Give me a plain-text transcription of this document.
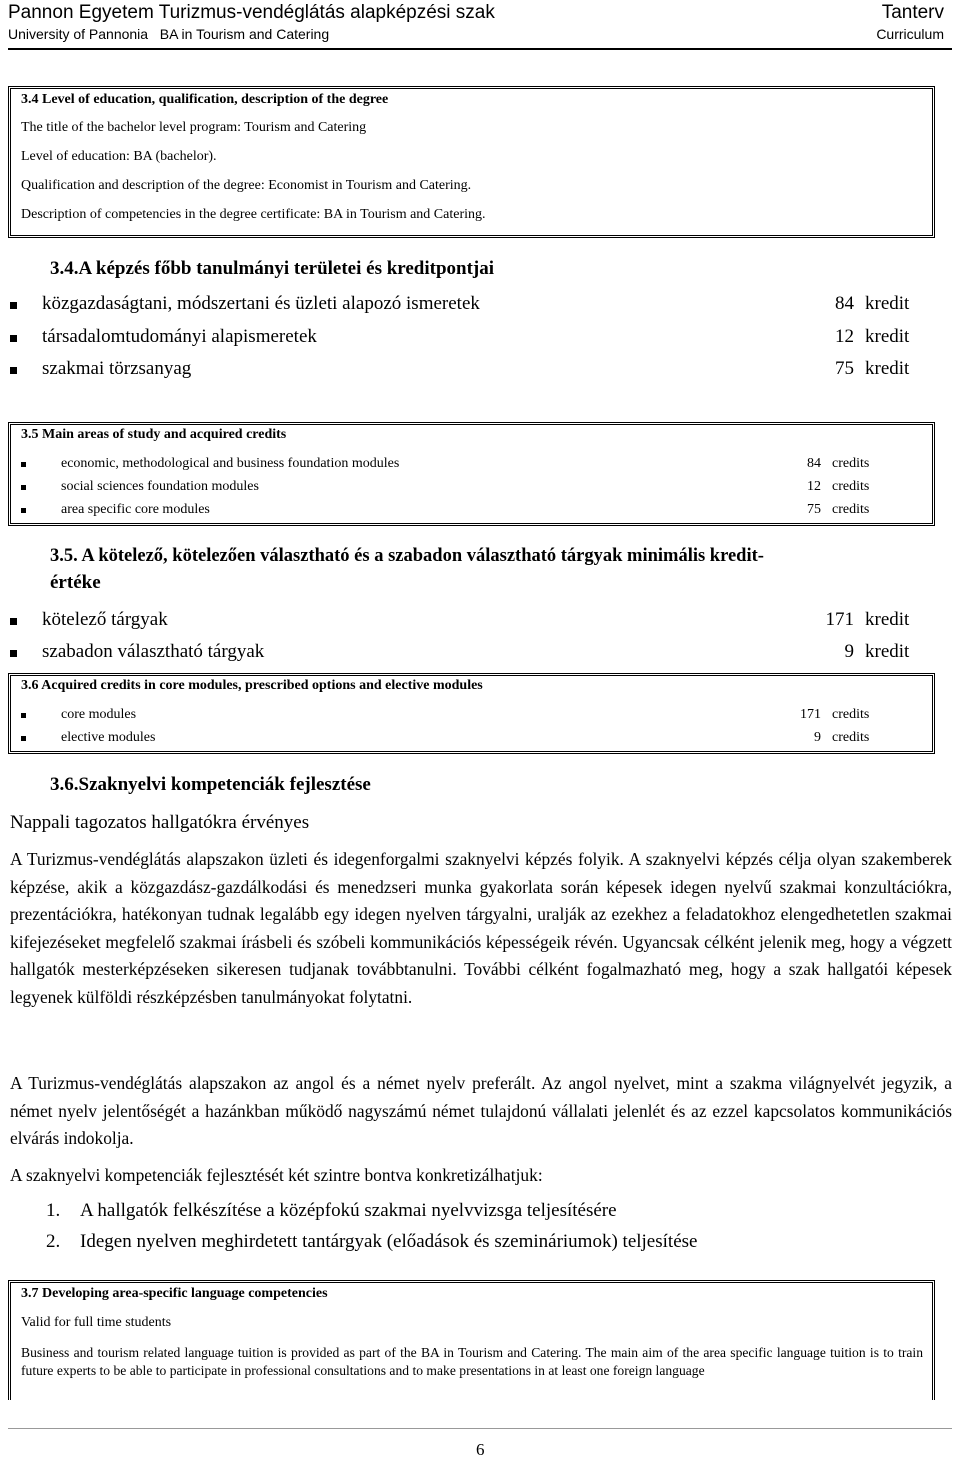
Pannon Egyetem Turizmus-vendéglátás alapképzési szak
University of Pannonia   BA in Tourism and Catering
Tanterv
Curriculum
3.4 Level of education, qualification, description of the degree
The title of the bachelor level program: Tourism and Catering
Level of education: BA (bachelor).
Qualification and description of the degree: Economist in Tourism and Catering.
Description of competencies in the degree certificate: BA in Tourism and Catering.
3.4.A képzés főbb tanulmányi területei és kreditpontjai
közgazdaságtani, módszertani és üzleti alapozó ismeretek	84 kredit
társadalomtudományi alapismeretek	12 kredit
szakmai törzsanyag	75 kredit
3.5 Main areas of study and acquired credits
economic, methodological and business foundation modules	84 credits
social sciences foundation modules	12 credits
area specific core modules	75 credits
3.5. A kötelező, kötelezően választható és a szabadon választható tárgyak minimális kredit-
értéke
kötelező tárgyak	171 kredit
szabadon választható tárgyak	9 kredit
3.6 Acquired credits in core modules, prescribed options and elective modules
core modules	171 credits
elective modules	9 credits
3.6.Szaknyelvi kompetenciák fejlesztése
Nappali tagozatos hallgatókra érvényes
A Turizmus-vendéglátás alapszakon üzleti és idegenforgalmi szaknyelvi képzés folyik. A szaknyelvi képzés célja olyan szakemberek képzése, akik a közgazdász-gazdálkodási és menedzseri munka gyakorlata során képesek idegen nyelvű szakmai konzultációkra, prezentációkra, hatékonyan tudnak legalább egy idegen nyelven tárgyalni, uralják az ezekhez a feladatokhoz elengedhetetlen szakmai kifejezéseket megfelelő szakmai írásbeli és szóbeli kommunikációs képességeik révén. Ugyancsak célként jelenik meg, hogy a végzett hallgatók mesterképzéseken sikeresen tudjanak továbbtanulni. További célként fogalmazható meg, hogy a szak hallgatói képesek legyenek külföldi részképzésben tanulmányokat folytatni.
A Turizmus-vendéglátás alapszakon az angol és a német nyelv preferált. Az angol nyelvet, mint a szakma világnyelvét jegyzik, a német nyelv jelentőségét a hazánkban működő nagyszámú német tulajdonú vállalati jelenlét és az ezzel kapcsolatos kommunikációs elvárás indokolja.
A szaknyelvi kompetenciák fejlesztését két szintre bontva konkretizálhatjuk:
1. A hallgatók felkészítése a középfokú szakmai nyelvvizsga teljesítésére
2. Idegen nyelven meghirdetett tantárgyak (előadások és szemináriumok) teljesítése
3.7 Developing area-specific language competencies
Valid for full time students
Business and tourism related language tuition is provided as part of the BA in Tourism and Catering. The main aim of the area specific language tuition is to train future experts to be able to participate in professional consultations and to make presentations in at least one foreign language
6
